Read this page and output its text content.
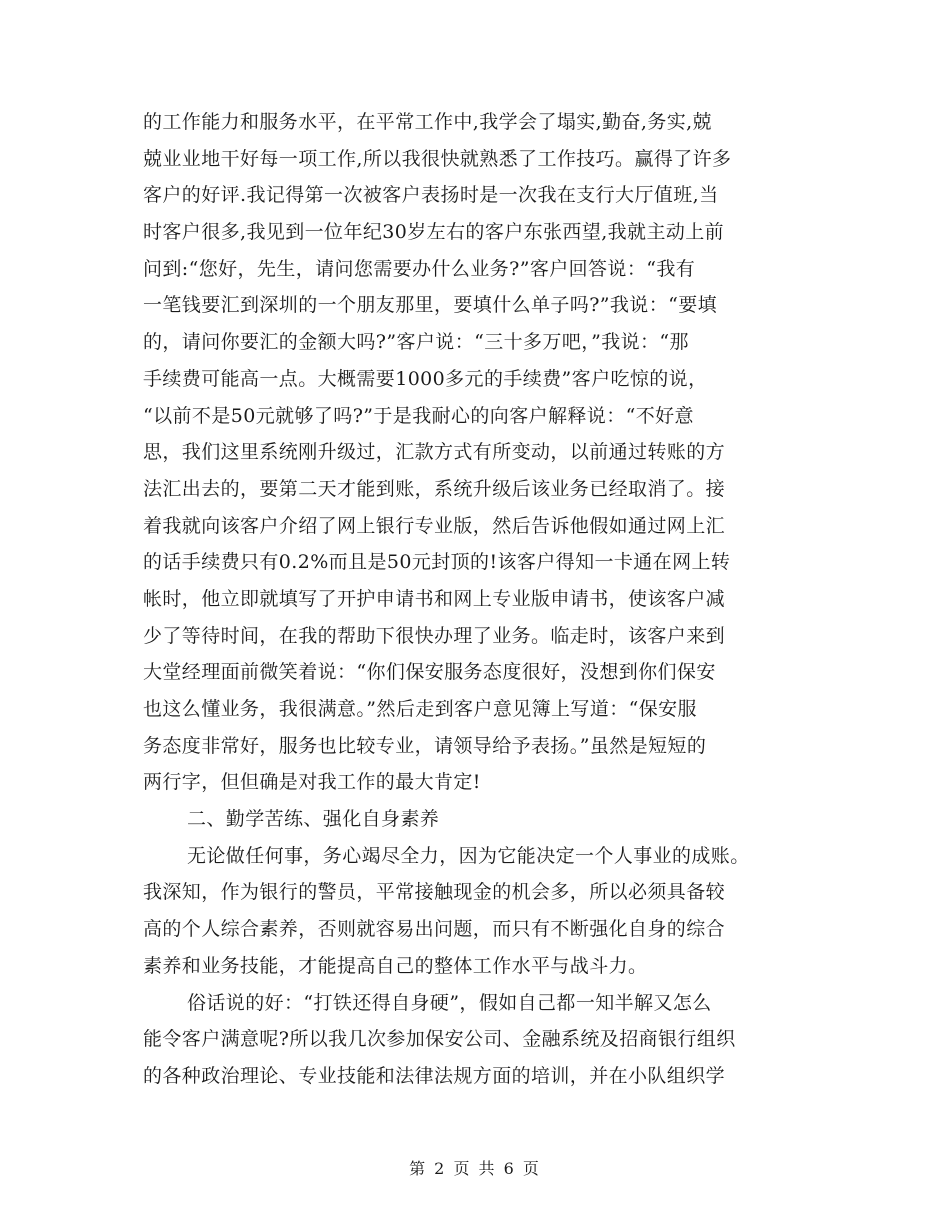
的工作能力和服务水平，在平常工作中,我学会了塌实,勤奋,务实,兢
兢业业地干好每一项工作,所以我很快就熟悉了工作技巧。赢得了许多
客户的好评.我记得第一次被客户表扬时是一次我在支行大厅值班,当
时客户很多,我见到一位年纪30岁左右的客户东张西望,我就主动上前
问到:“您好，先生，请问您需要办什么业务?”客户回答说：“我有
一笔钱要汇到深圳的一个朋友那里，要填什么单子吗?”我说：“要填
的，请问你要汇的金额大吗?”客户说：“三十多万吧，”我说：“那
手续费可能高一点。大概需要1000多元的手续费”客户吃惊的说，
“以前不是50元就够了吗?”于是我耐心的向客户解释说：“不好意
思，我们这里系统刚升级过，汇款方式有所变动，以前通过转账的方
法汇出去的，要第二天才能到账，系统升级后该业务已经取消了。接
着我就向该客户介绍了网上银行专业版，然后告诉他假如通过网上汇
的话手续费只有0.2%而且是50元封顶的!该客户得知一卡通在网上转
帐时，他立即就填写了开护申请书和网上专业版申请书，使该客户减
少了等待时间，在我的帮助下很快办理了业务。临走时，该客户来到
大堂经理面前微笑着说：“你们保安服务态度很好，没想到你们保安
也这么懂业务，我很满意。”然后走到客户意见簿上写道：“保安服
务态度非常好，服务也比较专业，请领导给予表扬。”虽然是短短的
两行字，但但确是对我工作的最大肯定!
二、勤学苦练、强化自身素养
无论做任何事，务心竭尽全力，因为它能决定一个人事业的成账。
我深知，作为银行的警员，平常接触现金的机会多，所以必须具备较
高的个人综合素养，否则就容易出问题，而只有不断强化自身的综合
素养和业务技能，才能提高自己的整体工作水平与战斗力。
俗话说的好：“打铁还得自身硬”，假如自己都一知半解又怎么
能令客户满意呢?所以我几次参加保安公司、金融系统及招商银行组织
的各种政治理论、专业技能和法律法规方面的培训，并在小队组织学
第 2 页 共 6 页
